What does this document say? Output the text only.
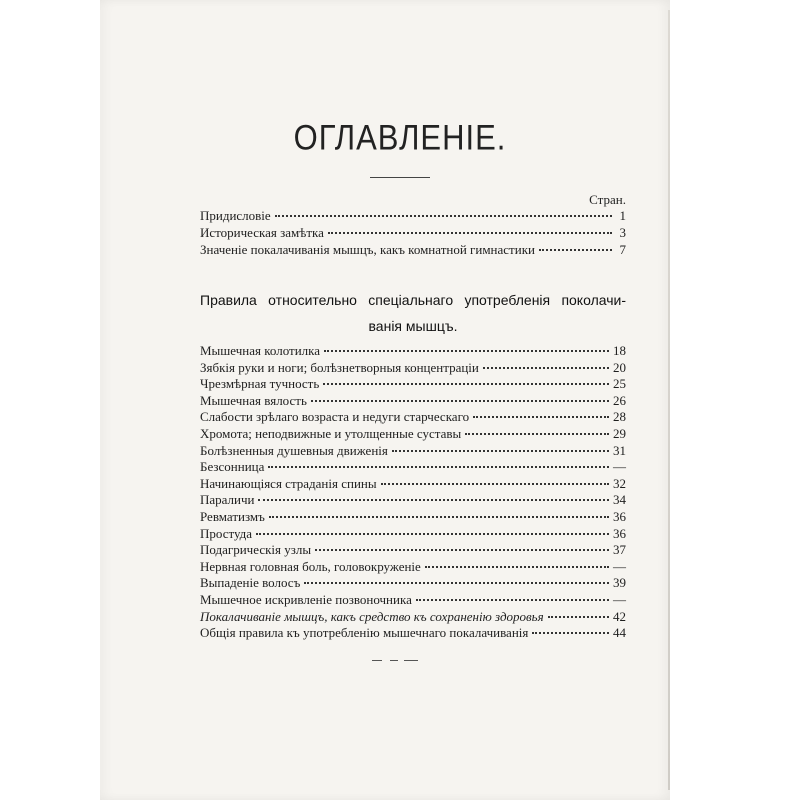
ОГЛАВЛЕНІЕ.
Стран.
Придисловіе	1
Историческая замѣтка	3
Значеніе покалачиванія мышцъ, какъ комнатной гимнастики	7
Правила относительно спеціальнаго употребленія поколачи-
ванія мышцъ.
Мышечная колотилка	18
Зябкія руки и ноги; болѣзнетворныя концентраціи	20
Чрезмѣрная тучность	25
Мышечная вялость	26
Слабости зрѣлаго возраста и недуги старческаго	28
Хромота; неподвижные и утолщенные суставы	29
Болѣзненныя душевныя движенія	31
Безсонница	—
Начинающіяся страданія спины	32
Параличи	34
Ревматизмъ	36
Простуда	36
Подагрическія узлы	37
Нервная головная боль, головокруженіе	—
Выпаденіе волосъ	39
Мышечное искривленіе позвоночника	—
Покалачиваніе мышцъ, какъ средство къ сохраненію здоровья	42
Общія правила къ употребленію мышечнаго покалачиванія	44
